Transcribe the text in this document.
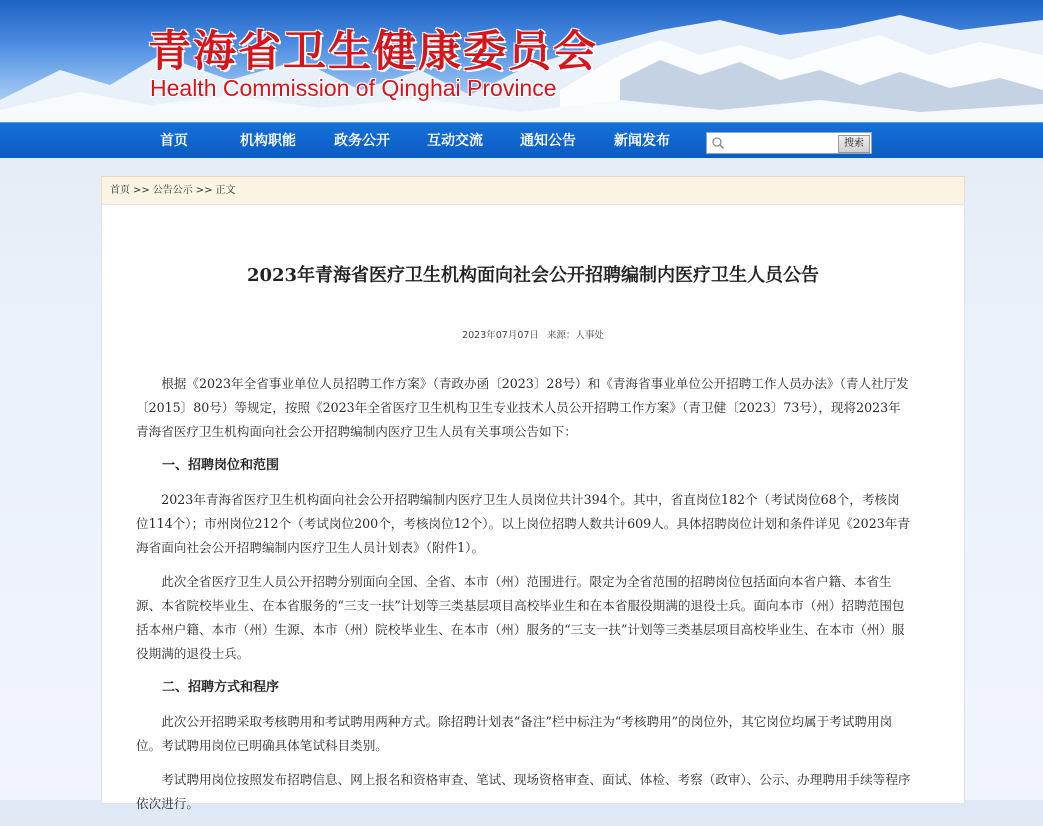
青海省卫生健康委员会
Health Commission of Qinghai Province
首页	机构职能	政务公开	互动交流	通知公告	新闻发布	搜索
首页 >> 公告公示 >> 正文
2023年青海省医疗卫生机构面向社会公开招聘编制内医疗卫生人员公告
2023年07月07日 来源：人事处

根据《2023年全省事业单位人员招聘工作方案》（青政办函〔2023〕28号）和《青海省事业单位公开招聘工作人员办法》（青人社厅发〔2015〕80号）等规定，按照《2023年全省医疗卫生机构卫生专业技术人员公开招聘工作方案》（青卫健〔2023〕73号），现将2023年青海省医疗卫生机构面向社会公开招聘编制内医疗卫生人员有关事项公告如下：

一、招聘岗位和范围

2023年青海省医疗卫生机构面向社会公开招聘编制内医疗卫生人员岗位共计394个。其中，省直岗位182个（考试岗位68个，考核岗位114个）；市州岗位212个（考试岗位200个，考核岗位12个）。以上岗位招聘人数共计609人。具体招聘岗位计划和条件详见《2023年青海省面向社会公开招聘编制内医疗卫生人员计划表》（附件1）。

此次全省医疗卫生人员公开招聘分别面向全国、全省、本市（州）范围进行。限定为全省范围的招聘岗位包括面向本省户籍、本省生源、本省院校毕业生、在本省服务的“三支一扶”计划等三类基层项目高校毕业生和在本省服役期满的退役士兵。面向本市（州）招聘范围包括本州户籍、本市（州）生源、本市（州）院校毕业生、在本市（州）服务的“三支一扶”计划等三类基层项目高校毕业生、在本市（州）服役期满的退役士兵。

二、招聘方式和程序

此次公开招聘采取考核聘用和考试聘用两种方式。除招聘计划表“备注”栏中标注为“考核聘用”的岗位外，其它岗位均属于考试聘用岗位。考试聘用岗位已明确具体笔试科目类别。

考试聘用岗位按照发布招聘信息、网上报名和资格审查、笔试、现场资格审查、面试、体检、考察（政审）、公示、办理聘用手续等程序依次进行。
